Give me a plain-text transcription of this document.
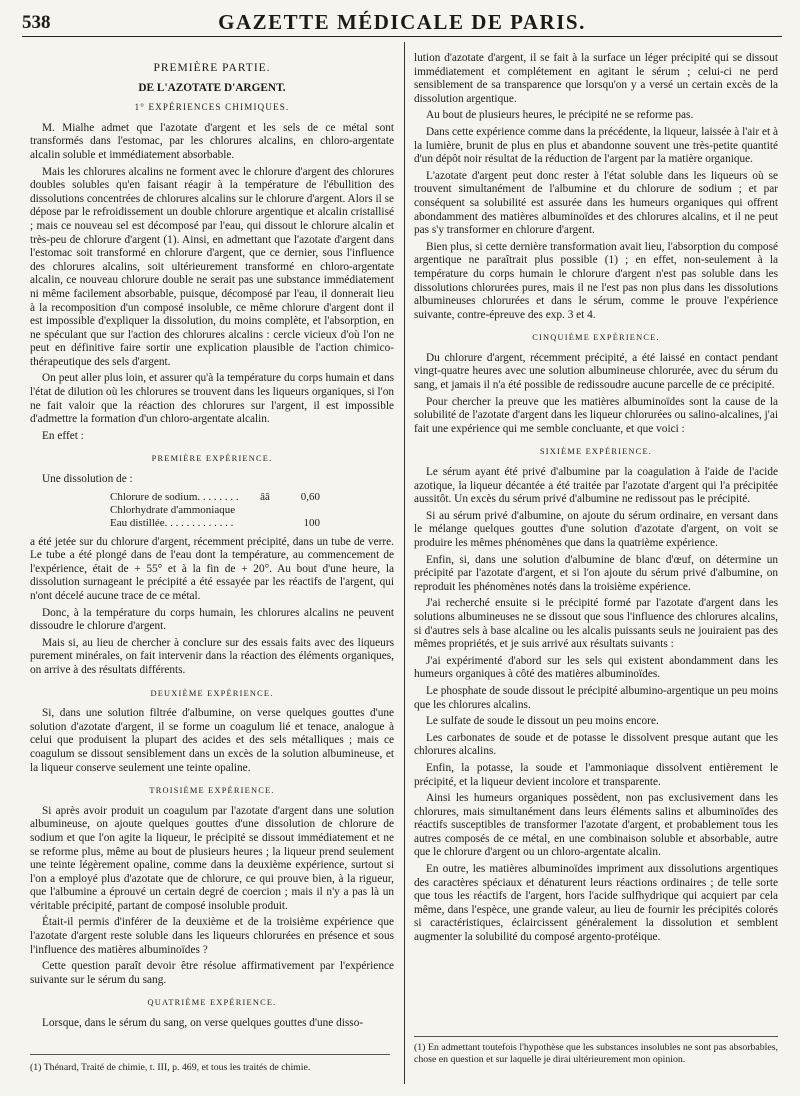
538	GAZETTE MÉDICALE DE PARIS.
PREMIÈRE PARTIE.
DE L'AZOTATE D'ARGENT.
1° EXPÉRIENCES CHIMIQUES.

M. Mialhe admet que l'azotate d'argent et les sels de ce métal sont transformés dans l'estomac, par les chlorures alcalins, en chloro-argentate alcalin soluble et immédiatement absorbable.

Mais les chlorures alcalins ne forment avec le chlorure d'argent des chlorures doubles solubles qu'en faisant réagir à la température de l'ébullition des dissolutions concentrées de chlorures alcalins sur le chlorure d'argent. Alors il se dépose par le refroidissement un double chlorure argentique et alcalin cristallisé ; mais ce nouveau sel est décomposé par l'eau, qui dissout le chlorure alcalin et très-peu de chlorure d'argent (1). Ainsi, en admettant que l'azotate d'argent dans l'estomac soit transformé en chlorure d'argent, que ce dernier, sous l'influence des chlorures alcalins, soit ultérieurement transformé en chloro-argentate alcalin, ce nouveau chlorure double ne serait pas une substance immédiatement ni même facilement absorbable, puisque, décomposé par l'eau, il donnerait lieu à la recomposition d'un composé insoluble, ce même chlorure d'argent dont il est impossible d'expliquer la dissolution, du moins complète, et l'absorption, en ne spéculant que sur l'action des chlorures alcalins : cercle vicieux d'où l'on ne peut en définitive faire sortir une explication plausible de l'action chimico-thérapeutique des sels d'argent.

On peut aller plus loin, et assurer qu'à la température du corps humain et dans l'état de dilution où les chlorures se trouvent dans les liqueurs organiques, si l'on ne fait valoir que la réaction des chlorures sur l'argent, il est impossible d'admettre la formation d'un chloro-argentate alcalin.

En effet :

PREMIÈRE EXPÉRIENCE.

Une dissolution de :

Chlorure de sodium. . . . . . . .	ââ	0,60
Chlorhydrate d'ammoniaque
Eau distillée. . . . . . . . . . . . .	100

a été jetée sur du chlorure d'argent, récemment précipité, dans un tube de verre. Le tube a été plongé dans de l'eau dont la température, au commencement de l'expérience, était de + 55° et à la fin de + 20°. Au bout d'une heure, la dissolution surnageant le précipité a été essayée par les réactifs de l'argent, qui n'ont décelé aucune trace de ce métal.

Donc, à la température du corps humain, les chlorures alcalins ne peuvent dissoudre le chlorure d'argent.

Mais si, au lieu de chercher à conclure sur des essais faits avec des liqueurs purement minérales, on fait intervenir dans la réaction des éléments organiques, on arrive à des résultats différents.

DEUXIÈME EXPÉRIENCE.

Si, dans une solution filtrée d'albumine, on verse quelques gouttes d'une solution d'azotate d'argent, il se forme un coagulum lié et tenace, analogue à celui que produisent la plupart des acides et des sels métalliques ; mais ce coagulum se dissout sensiblement dans un excès de la solution albumineuse, et la liqueur conserve seulement une teinte opaline.

TROISIÈME EXPÉRIENCE.

Si après avoir produit un coagulum par l'azotate d'argent dans une solution albumineuse, on ajoute quelques gouttes d'une dissolution de chlorure de sodium et que l'on agite la liqueur, le précipité se dissout immédiatement et ne se reforme plus, même au bout de plusieurs heures ; la liqueur prend seulement une teinte légèrement opaline, comme dans la deuxième expérience, surtout si l'on a employé plus d'azotate que de chlorure, ce qui prouve bien, à la rigueur, que l'albumine a éprouvé un certain degré de coercion ; mais il n'y a pas là un véritable précipité, partant de composé insoluble produit.

Était-il permis d'inférer de la deuxième et de la troisième expérience que l'azotate d'argent reste soluble dans les liqueurs chlorurées en présence et sous l'influence des matières albuminoïdes ?

Cette question paraît devoir être résolue affirmativement par l'expérience suivante sur le sérum du sang.

QUATRIÈME EXPÉRIENCE.

Lorsque, dans le sérum du sang, on verse quelques gouttes d'une disso-

(1) Thénard, Traité de chimie, t. III, p. 469, et tous les traités de chimie.

lution d'azotate d'argent, il se fait à la surface un léger précipité qui se dissout immédiatement et complétement en agitant le sérum ; celui-ci ne perd sensiblement de sa transparence que lorsqu'on y a versé un certain excès de la dissolution argentique.

Au bout de plusieurs heures, le précipité ne se reforme pas.

Dans cette expérience comme dans la précédente, la liqueur, laissée à l'air et à la lumière, brunit de plus en plus et abandonne souvent une très-petite quantité d'un dépôt noir résultat de la réduction de l'argent par la matière organique.

L'azotate d'argent peut donc rester à l'état soluble dans les liqueurs où se trouvent simultanément de l'albumine et du chlorure de sodium ; et par conséquent sa solubilité est assurée dans les humeurs organiques qui offrent abondamment des matières albuminoïdes et des chlorures alcalins, et il ne peut pas s'y transformer en chlorure d'argent.

Bien plus, si cette dernière transformation avait lieu, l'absorption du composé argentique ne paraîtrait plus possible (1) ; en effet, non-seulement à la température du corps humain le chlorure d'argent n'est pas soluble dans les dissolutions chlorurées pures, mais il ne l'est pas non plus dans les dissolutions albumineuses chlorurées et dans le sérum, comme le prouve l'expérience suivante, contre-épreuve des exp. 3 et 4.

CINQUIÈME EXPÉRIENCE.

Du chlorure d'argent, récemment précipité, a été laissé en contact pendant vingt-quatre heures avec une solution albumineuse chlorurée, avec du sérum du sang, et jamais il n'a été possible de redissoudre aucune parcelle de ce précipité.

Pour chercher la preuve que les matières albuminoïdes sont la cause de la solubilité de l'azotate d'argent dans les liqueur chlorurées ou salino-alcalines, j'ai fait une expérience qui me semble concluante, et que voici :

SIXIÈME EXPÉRIENCE.

Le sérum ayant été privé d'albumine par la coagulation à l'aide de l'acide azotique, la liqueur décantée a été traitée par l'azotate d'argent qui l'a précipitée aussitôt. Un excès du sérum privé d'albumine ne redissout pas le précipité.

Si au sérum privé d'albumine, on ajoute du sérum ordinaire, en versant dans le mélange quelques gouttes d'une solution d'azotate d'argent, on voit se produire les mêmes phénomènes que dans la quatrième expérience.

Enfin, si, dans une solution d'albumine de blanc d'œuf, on détermine un précipité par l'azotate d'argent, et si l'on ajoute du sérum privé d'albumine, on reproduit les phénomènes notés dans la troisième expérience.

J'ai recherché ensuite si le précipité formé par l'azotate d'argent dans les solutions albumineuses ne se dissout que sous l'influence des chlorures alcalins, si d'autres sels à base alcaline ou les alcalis puissants seuls ne jouiraient pas des mêmes propriétés, et je suis arrivé aux résultats suivants :

J'ai expérimenté d'abord sur les sels qui existent abondamment dans les humeurs organiques à côté des matières albuminoïdes.

Le phosphate de soude dissout le précipité albumino-argentique un peu moins que les chlorures alcalins.

Le sulfate de soude le dissout un peu moins encore.

Les carbonates de soude et de potasse le dissolvent presque autant que les chlorures alcalins.

Enfin, la potasse, la soude et l'ammoniaque dissolvent entièrement le précipité, et la liqueur devient incolore et transparente.

Ainsi les humeurs organiques possèdent, non pas exclusivement dans les chlorures, mais simultanément dans leurs éléments salins et albuminoïdes des réactifs susceptibles de transformer l'azotate d'argent, et probablement tous les autres composés de ce métal, en une combinaison soluble et absorbable, autre que le chlorure d'argent ou un chloro-argentate alcalin.

En outre, les matières albuminoïdes impriment aux dissolutions argentiques des caractères spéciaux et dénaturent leurs réactions ordinaires ; de telle sorte que tous les réactifs de l'argent, hors l'acide sulfhydrique qui acquiert par cela même, dans l'espèce, une grande valeur, au lieu de fournir les précipités colorés si caractéristiques, éclaircissent généralement la dissolution et semblent augmenter la solubilité du composé argento-protéique.

(1) En admettant toutefois l'hypothèse que les substances insolubles ne sont pas absorbables, chose en question et sur laquelle je dirai ultérieurement mon opinion.
